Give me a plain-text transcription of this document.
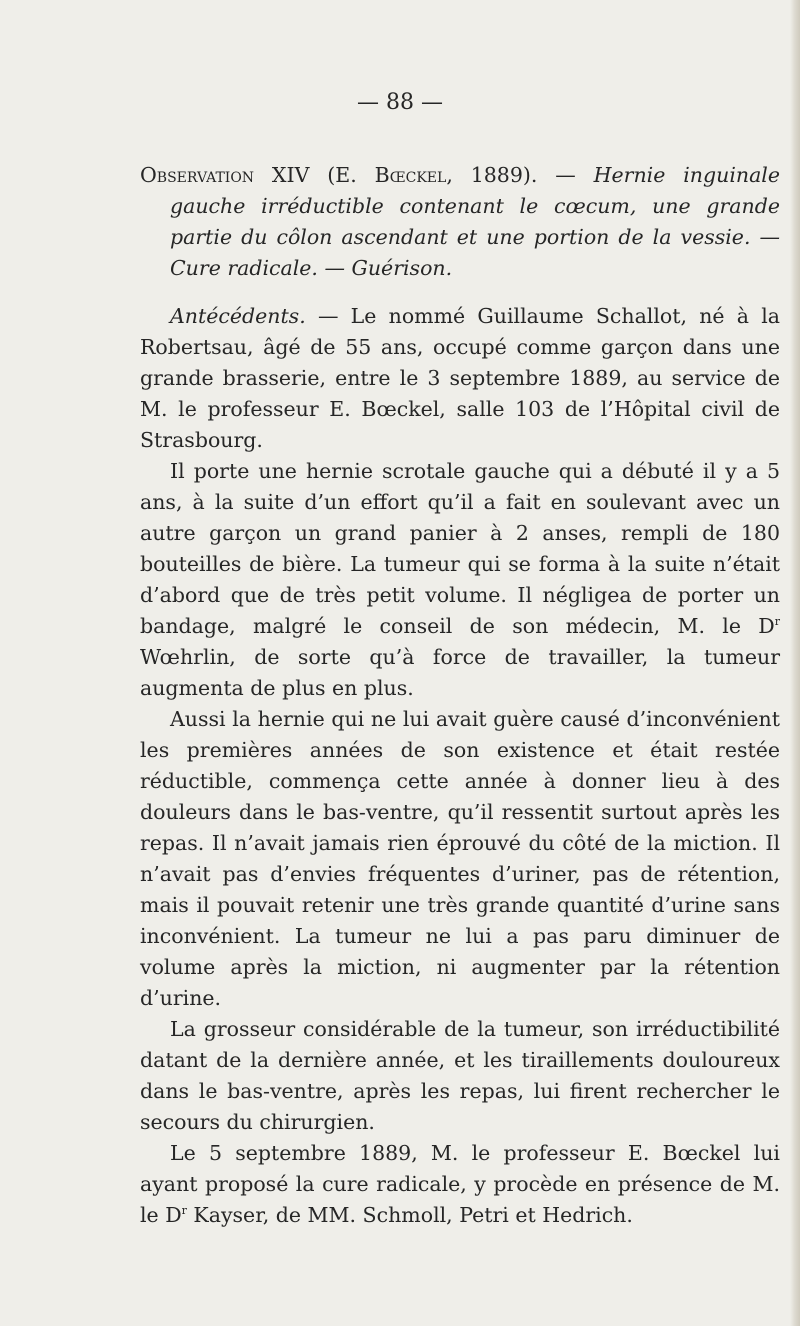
— 88 —

Observation XIV (E. Bœckel, 1889). — Hernie inguinale gauche irréductible contenant le cœcum, une grande partie du côlon ascendant et une portion de la vessie. — Cure radicale. — Guérison.

Antécédents. — Le nommé Guillaume Schallot, né à la Robertsau, âgé de 55 ans, occupé comme garçon dans une grande brasserie, entre le 3 septembre 1889, au service de M. le professeur E. Bœckel, salle 103 de l’Hôpital civil de Strasbourg.

Il porte une hernie scrotale gauche qui a débuté il y a 5 ans, à la suite d’un effort qu’il a fait en soulevant avec un autre garçon un grand panier à 2 anses, rempli de 180 bouteilles de bière. La tumeur qui se forma à la suite n’était d’abord que de très petit volume. Il négligea de porter un bandage, malgré le conseil de son médecin, M. le $D^r$ Wœhrlin, de sorte qu’à force de travailler, la tumeur augmenta de plus en plus.

Aussi la hernie qui ne lui avait guère causé d’inconvénient les premières années de son existence et était restée réductible, commença cette année à donner lieu à des douleurs dans le bas-ventre, qu’il ressentit surtout après les repas. Il n’avait jamais rien éprouvé du côté de la miction. Il n’avait pas d’envies fréquentes d’uriner, pas de rétention, mais il pouvait retenir une très grande quantité d’urine sans inconvénient. La tumeur ne lui a pas paru diminuer de volume après la miction, ni augmenter par la rétention d’urine.

La grosseur considérable de la tumeur, son irréductibilité datant de la dernière année, et les tiraillements douloureux dans le bas-ventre, après les repas, lui firent rechercher le secours du chirurgien.

Le 5 septembre 1889, M. le professeur E. Bœckel lui ayant proposé la cure radicale, y procède en présence de M. le $D^r$ Kayser, de MM. Schmoll, Petri et Hedrich.
